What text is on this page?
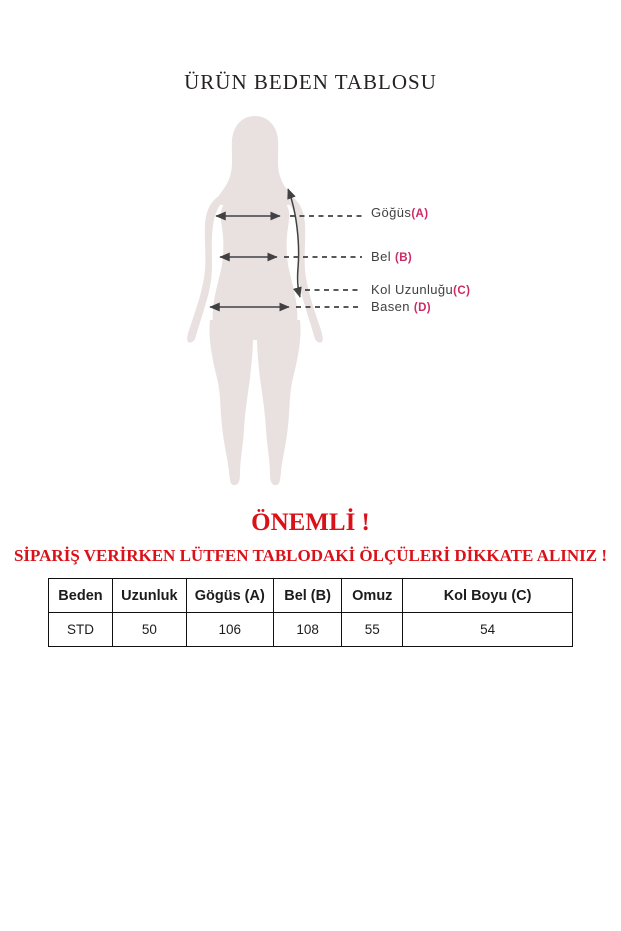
ÜRÜN BEDEN TABLOSU
Göğüs(A)
Bel (B)
Kol Uzunluğu(C)
Basen (D)
ÖNEMLİ !
SİPARİŞ VERİRKEN LÜTFEN TABLODAKİ ÖLÇÜLERİ DİKKATE ALINIZ !
Beden	Uzunluk	Gögüs (A)	Bel (B)	Omuz	Kol Boyu (C)
STD	50	106	108	55	54
